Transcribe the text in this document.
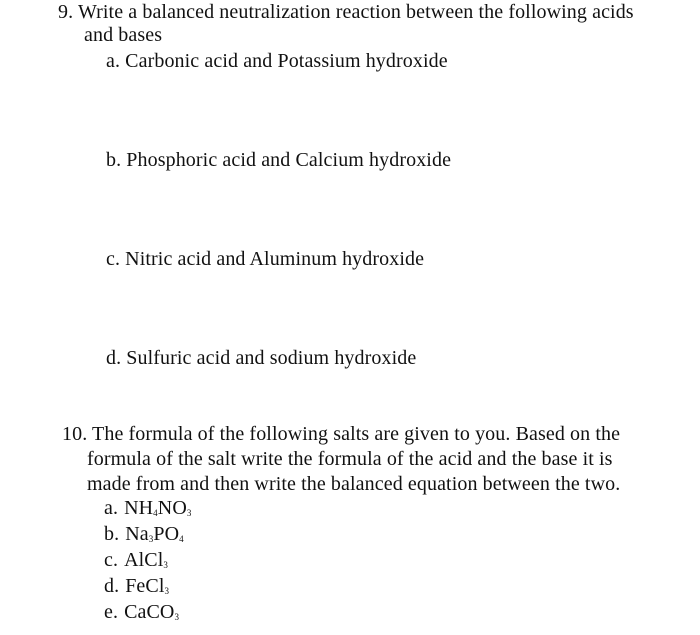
9. Write a balanced neutralization reaction between the following acids
and bases
a. Carbonic acid and Potassium hydroxide
b. Phosphoric acid and Calcium hydroxide
c. Nitric acid and Aluminum hydroxide
d. Sulfuric acid and sodium hydroxide
10. The formula of the following salts are given to you. Based on the
formula of the salt write the formula of the acid and the base it is
made from and then write the balanced equation between the two.
a. $NH_4NO_3$
b. $Na_3PO_4$
c. AlCl$_3$
d. FeCl$_3$
e. CaCO$_3$
